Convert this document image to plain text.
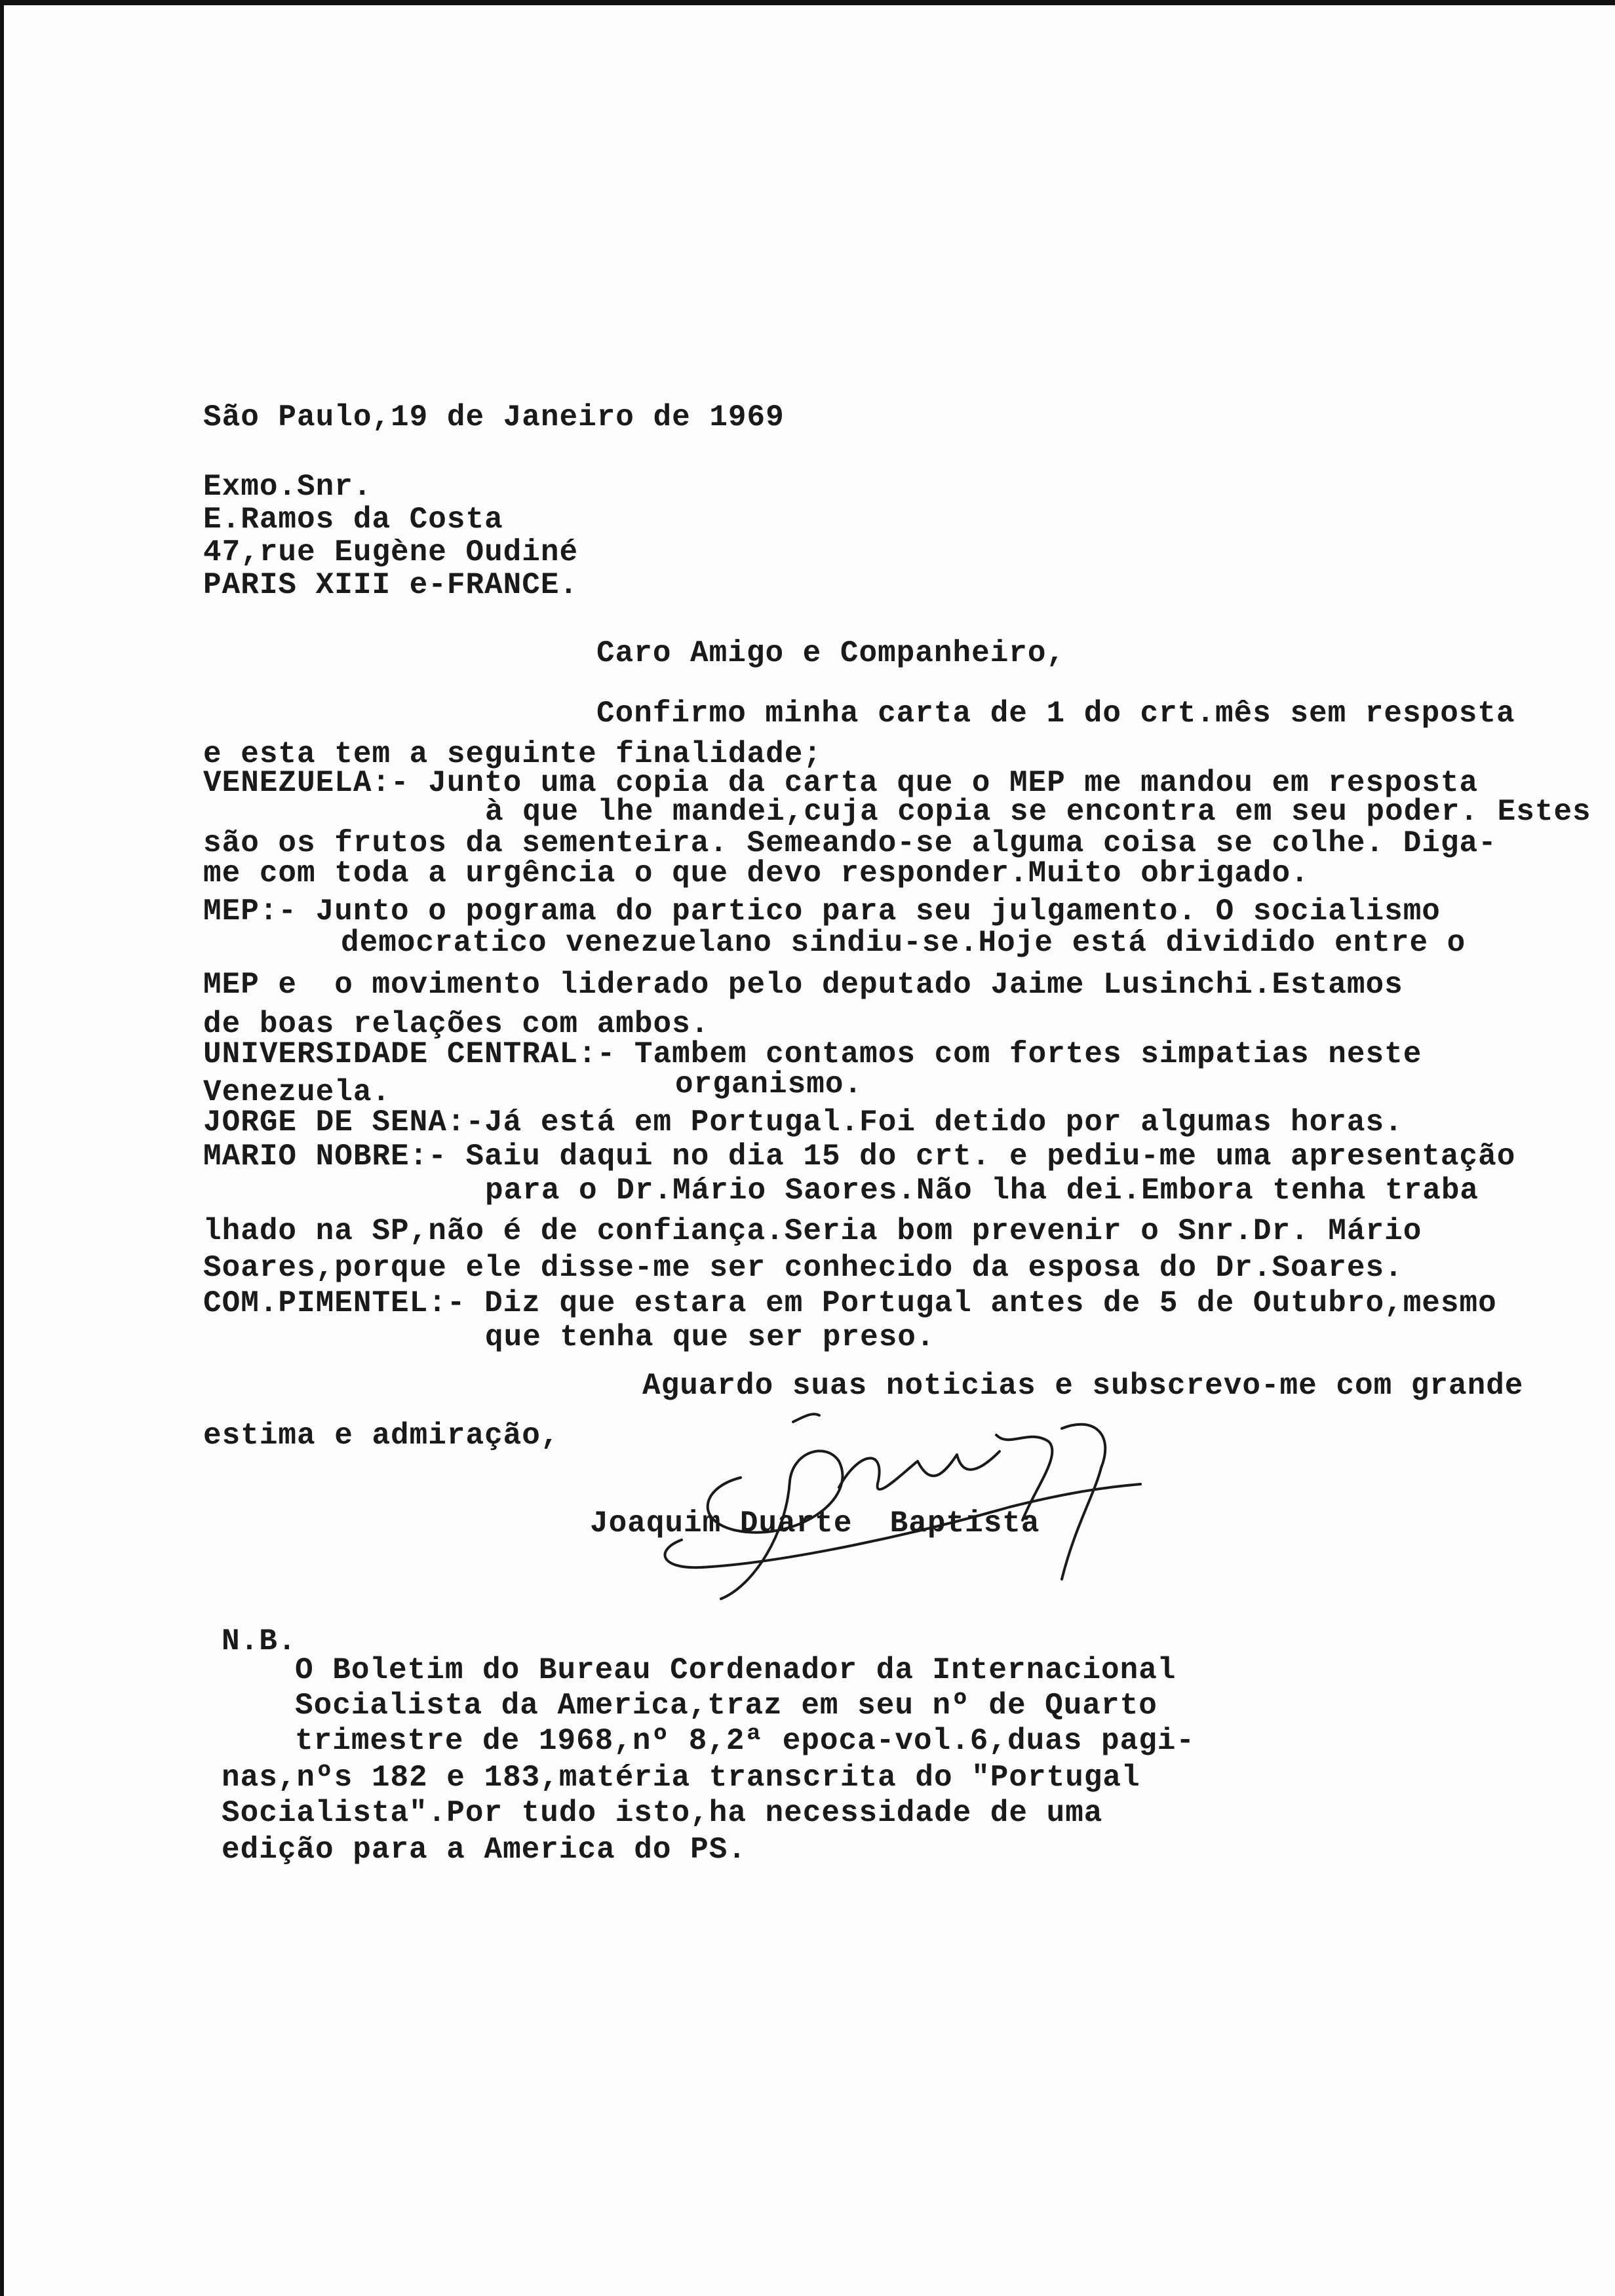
São Paulo,19 de Janeiro de 1969
Exmo.Snr.
E.Ramos da Costa
47,rue Eugène Oudiné
PARIS XIII e-FRANCE.
Caro Amigo e Companheiro,
Confirmo minha carta de 1 do crt.mês sem resposta
e esta tem a seguinte finalidade;
VENEZUELA:- Junto uma copia da carta que o MEP me mandou em resposta
à que lhe mandei,cuja copia se encontra em seu poder. Estes
são os frutos da sementeira. Semeando-se alguma coisa se colhe. Diga-
me com toda a urgência o que devo responder.Muito obrigado.
MEP:- Junto o pograma do partico para seu julgamento. O socialismo
democratico venezuelano sindiu-se.Hoje está dividido entre o
MEP e  o movimento liderado pelo deputado Jaime Lusinchi.Estamos
de boas relações com ambos.
UNIVERSIDADE CENTRAL:- Tambem contamos com fortes simpatias neste
Venezuela.	organismo.
JORGE DE SENA:-Já está em Portugal.Foi detido por algumas horas.
MARIO NOBRE:- Saiu daqui no dia 15 do crt. e pediu-me uma apresentação
para o Dr.Mário Saores.Não lha dei.Embora tenha traba
lhado na SP,não é de confiança.Seria bom prevenir o Snr.Dr. Mário
Soares,porque ele disse-me ser conhecido da esposa do Dr.Soares.
COM.PIMENTEL:- Diz que estara em Portugal antes de 5 de Outubro,mesmo
que tenha que ser preso.
Aguardo suas noticias e subscrevo-me com grande
estima e admiração,
Joaquim Duarte  Baptista
N.B.
O Boletim do Bureau Cordenador da Internacional
Socialista da America,traz em seu nº de Quarto
trimestre de 1968,nº 8,2ª epoca-vol.6,duas pagi-
nas,nºs 182 e 183,matéria transcrita do "Portugal
Socialista".Por tudo isto,ha necessidade de uma
edição para a America do PS.
